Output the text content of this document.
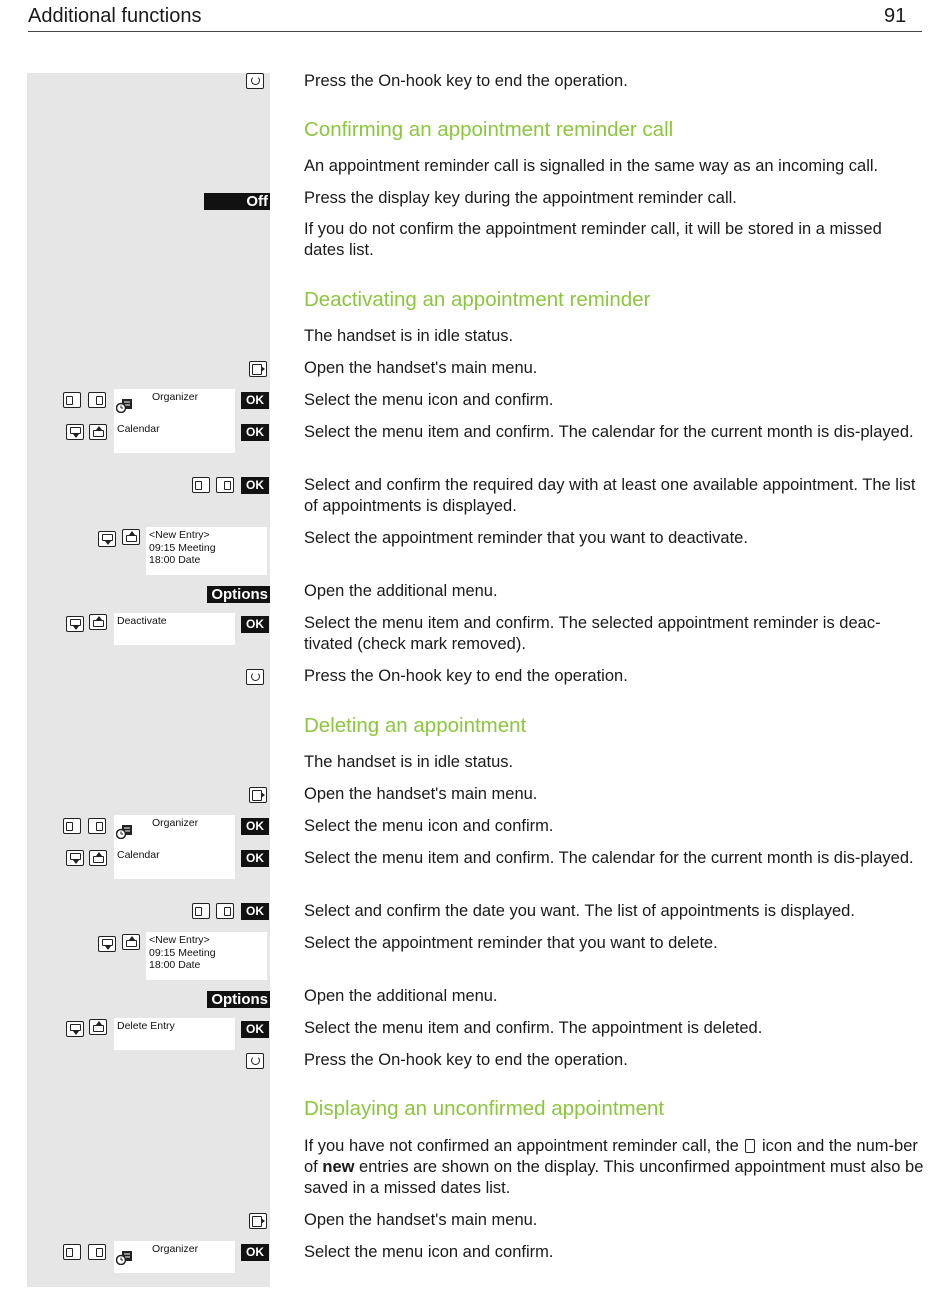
Additional functions	91
Press the On-hook key to end the operation.
Confirming an appointment reminder call
An appointment reminder call is signalled in the same way as an incoming call.
Off Press the display key during the appointment reminder call.
If you do not confirm the appointment reminder call, it will be stored in a missed dates list.
Deactivating an appointment reminder
The handset is in idle status.
Open the handset's main menu.
Organizer	OK	Select the menu icon and confirm.
Calendar	OK	Select the menu item and confirm. The calendar for the current month is dis-played.
OK	Select and confirm the required day with at least one available appointment. The list of appointments is displayed.
<New Entry>
09:15 Meeting
18:00 Date
Select the appointment reminder that you want to deactivate.
Options Open the additional menu.
Deactivate	OK	Select the menu item and confirm. The selected appointment reminder is deac-tivated (check mark removed).
Press the On-hook key to end the operation.
Deleting an appointment
The handset is in idle status.
Open the handset's main menu.
Organizer	OK	Select the menu icon and confirm.
Calendar	OK	Select the menu item and confirm. The calendar for the current month is dis-played.
OK	Select and confirm the date you want. The list of appointments is displayed.
<New Entry>
09:15 Meeting
18:00 Date
Select the appointment reminder that you want to delete.
Options Open the additional menu.
Delete Entry	OK	Select the menu item and confirm. The appointment is deleted.
Press the On-hook key to end the operation.
Displaying an unconfirmed appointment
If you have not confirmed an appointment reminder call, the icon and the num-ber of new entries are shown on the display. This unconfirmed appointment must also be saved in a missed dates list.
Open the handset's main menu.
Organizer	OK	Select the menu icon and confirm.
